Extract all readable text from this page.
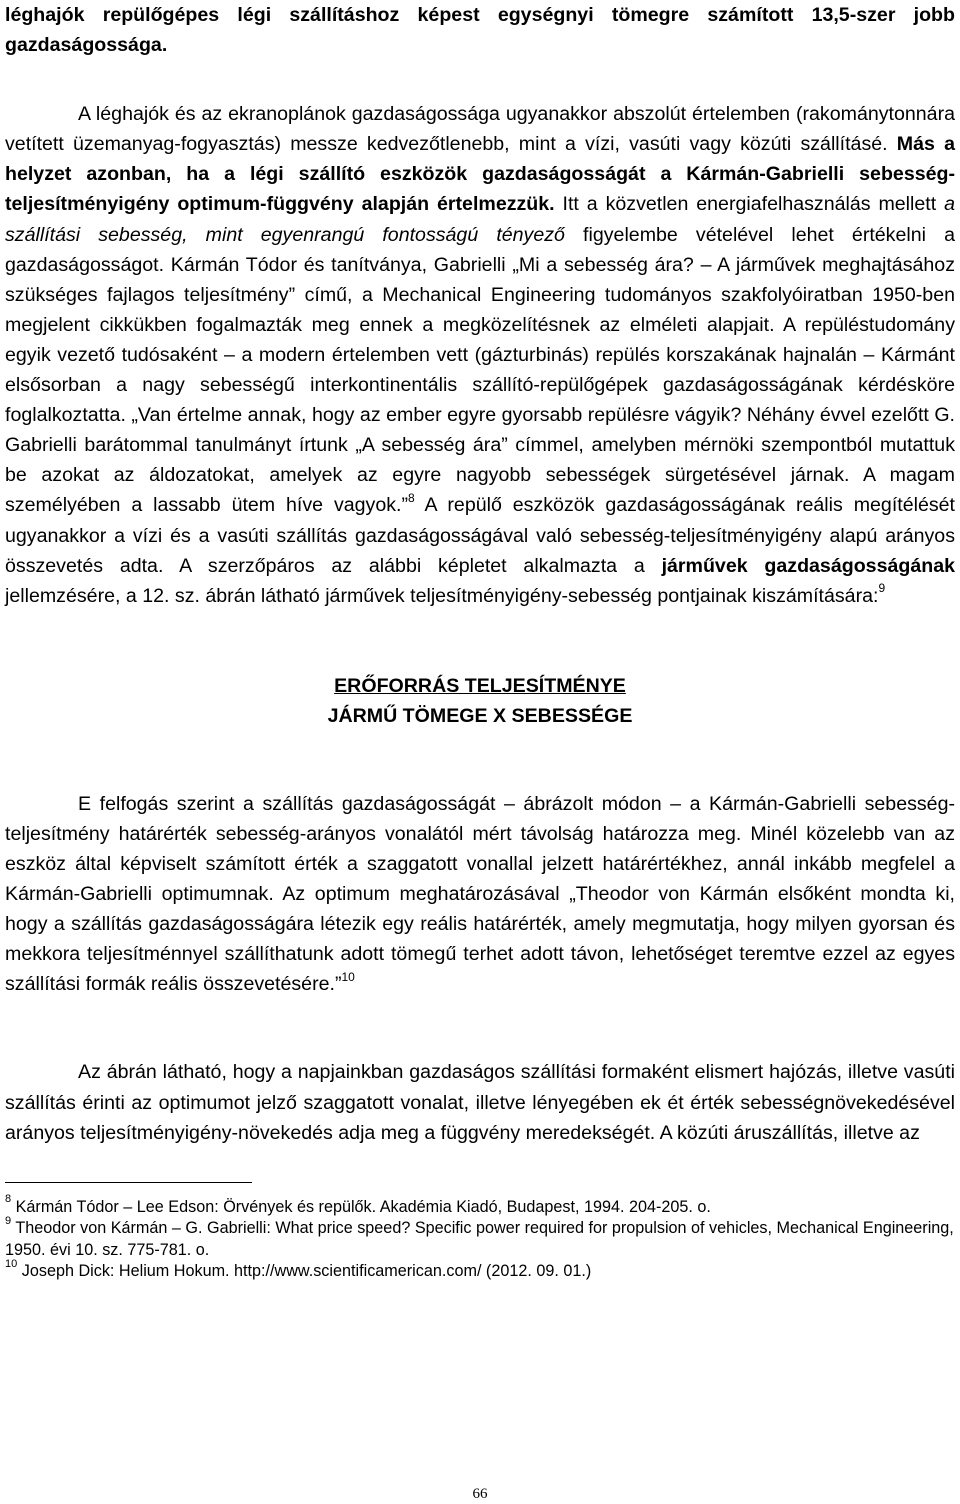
léghajók repülőgépes légi szállításhoz képest egységnyi tömegre számított 13,5-szer jobb gazdaságossága.

A léghajók és az ekranoplánok gazdaságossága ugyanakkor abszolút értelemben (rakománytonnára vetített üzemanyag-fogyasztás) messze kedvezőtlenebb, mint a vízi, vasúti vagy közúti szállításé. Más a helyzet azonban, ha a légi szállító eszközök gazdaságosságát a Kármán-Gabrielli sebesség-teljesítményigény optimum-függvény alapján értelmezzük. Itt a közvetlen energiafelhasználás mellett a szállítási sebesség, mint egyenrangú fontosságú tényező figyelembe vételével lehet értékelni a gazdaságosságot. Kármán Tódor és tanítványa, Gabrielli „Mi a sebesség ára? – A járművek meghajtásához szükséges fajlagos teljesítmény” című, a Mechanical Engineering tudományos szakfolyóiratban 1950-ben megjelent cikkükben fogalmazták meg ennek a megközelítésnek az elméleti alapjait. A repüléstudomány egyik vezető tudósaként – a modern értelemben vett (gázturbinás) repülés korszakának hajnalán – Kármánt elsősorban a nagy sebességű interkontinentális szállító-repülőgépek gazdaságosságának kérdésköre foglalkoztatta. „Van értelme annak, hogy az ember egyre gyorsabb repülésre vágyik? Néhány évvel ezelőtt G. Gabrielli barátommal tanulmányt írtunk „A sebesség ára” címmel, amelyben mérnöki szempontból mutattuk be azokat az áldozatokat, amelyek az egyre nagyobb sebességek sürgetésével járnak. A magam személyében a lassabb ütem híve vagyok.”$^8$ A repülő eszközök gazdaságosságának reális megítélését ugyanakkor a vízi és a vasúti szállítás gazdaságosságával való sebesség-teljesítményigény alapú arányos összevetés adta. A szerzőpáros az alábbi képletet alkalmazta a járművek gazdaságosságának jellemzésére, a 12. sz. ábrán látható járművek teljesítményigény-sebesség pontjainak kiszámítására:$^9$

ERŐFORRÁS TELJESÍTMÉNYE
JÁRMŰ TÖMEGE X SEBESSÉGE

E felfogás szerint a szállítás gazdaságosságát – ábrázolt módon – a Kármán-Gabrielli sebesség-teljesítmény határérték sebesség-arányos vonalától mért távolság határozza meg. Minél közelebb van az eszköz által képviselt számított érték a szaggatott vonallal jelzett határértékhez, annál inkább megfelel a Kármán-Gabrielli optimumnak. Az optimum meghatározásával „Theodor von Kármán elsőként mondta ki, hogy a szállítás gazdaságosságára létezik egy reális határérték, amely megmutatja, hogy milyen gyorsan és mekkora teljesítménnyel szállíthatunk adott tömegű terhet adott távon, lehetőséget teremtve ezzel az egyes szállítási formák reális összevetésére.”$^{10}$

Az ábrán látható, hogy a napjainkban gazdaságos szállítási formaként elismert hajózás, illetve vasúti szállítás érinti az optimumot jelző szaggatott vonalat, illetve lényegében ek ét érték sebességnövekedésével arányos teljesítményigény-növekedés adja meg a függvény meredekségét. A közúti áruszállítás, illetve az

$^8$ Kármán Tódor – Lee Edson: Örvények és repülők. Akadémia Kiadó, Budapest, 1994. 204-205. o.
$^9$ Theodor von Kármán – G. Gabrielli: What price speed? Specific power required for propulsion of vehicles, Mechanical Engineering, 1950. évi 10. sz. 775-781. o.
$^{10}$ Joseph Dick: Helium Hokum. http://www.scientificamerican.com/ (2012. 09. 01.)
66
